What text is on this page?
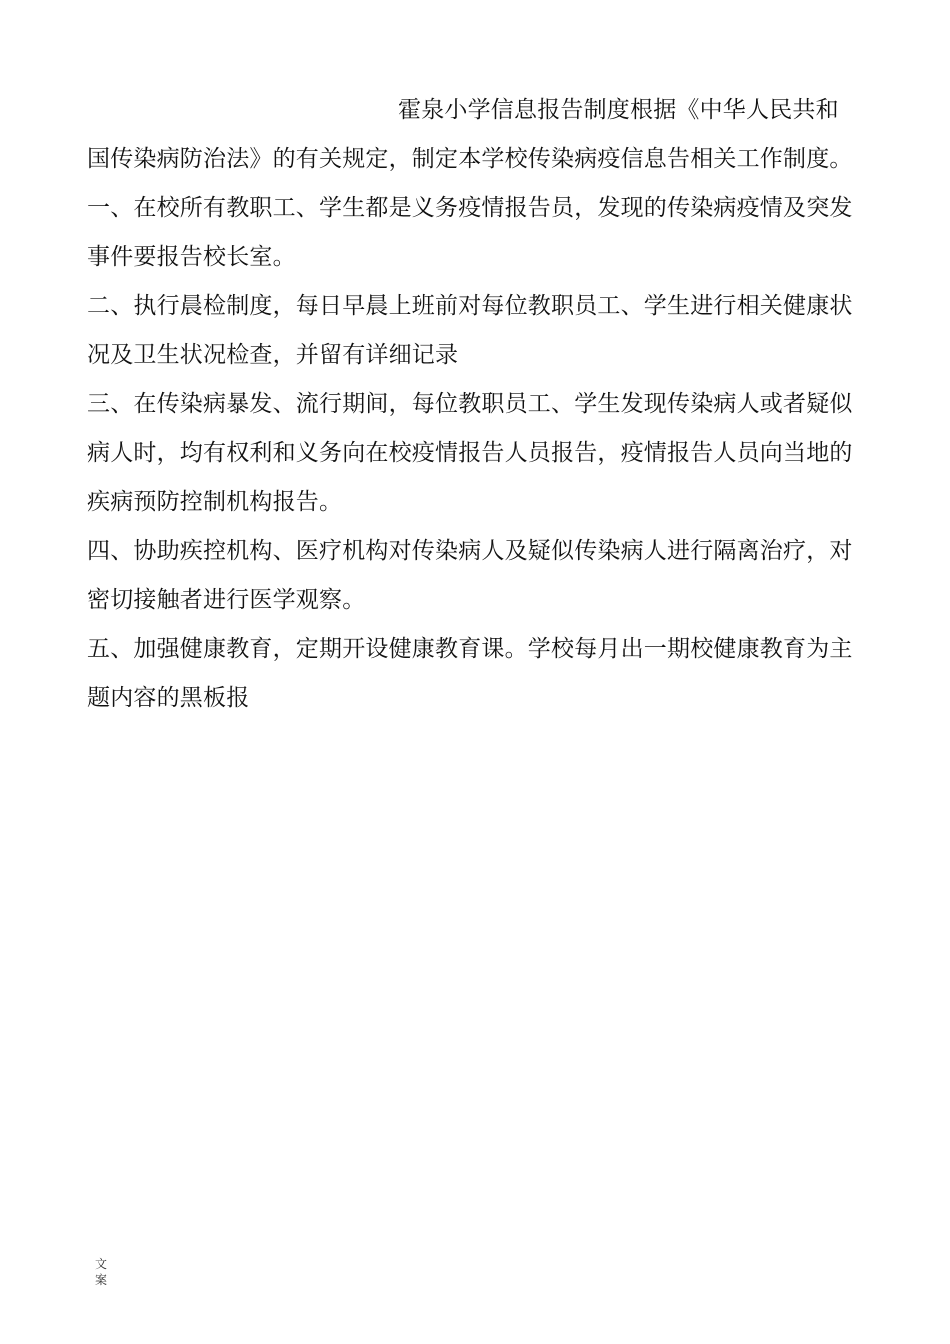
霍泉小学信息报告制度根据《中华人民共和
国传染病防治法》的有关规定，制定本学校传染病疫信息告相关工作制度。
一、在校所有教职工、学生都是义务疫情报告员，发现的传染病疫情及突发
事件要报告校长室。
二、执行晨检制度，每日早晨上班前对每位教职员工、学生进行相关健康状
况及卫生状况检查，并留有详细记录
三、在传染病暴发、流行期间，每位教职员工、学生发现传染病人或者疑似
病人时，均有权利和义务向在校疫情报告人员报告，疫情报告人员向当地的
疾病预防控制机构报告。
四、协助疾控机构、医疗机构对传染病人及疑似传染病人进行隔离治疗，对
密切接触者进行医学观察。
五、加强健康教育，定期开设健康教育课。学校每月出一期校健康教育为主
题内容的黑板报
文案
